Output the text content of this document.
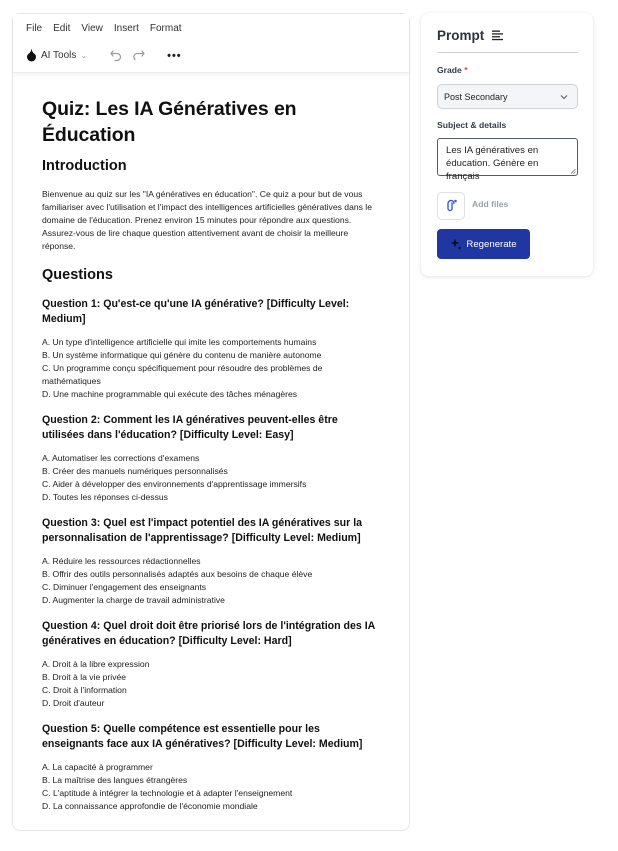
File Edit View Insert Format
AI Tools ⌄	•••
Quiz: Les IA Génératives en Éducation
Introduction

Bienvenue au quiz sur les "IA génératives en éducation". Ce quiz a pour but de vous familiariser avec l'utilisation et l'impact des intelligences artificielles génératives dans le domaine de l'éducation. Prenez environ 15 minutes pour répondre aux questions. Assurez-vous de lire chaque question attentivement avant de choisir la meilleure réponse.

Questions
Question 1: Qu'est-ce qu'une IA générative? [Difficulty Level: Medium]
A. Un type d'intelligence artificielle qui imite les comportements humains
B. Un système informatique qui génère du contenu de manière autonome
C. Un programme conçu spécifiquement pour résoudre des problèmes de mathématiques
D. Une machine programmable qui exécute des tâches ménagères
Question 2: Comment les IA génératives peuvent-elles être utilisées dans l'éducation? [Difficulty Level: Easy]
A. Automatiser les corrections d'examens
B. Créer des manuels numériques personnalisés
C. Aider à développer des environnements d'apprentissage immersifs
D. Toutes les réponses ci-dessus
Question 3: Quel est l'impact potentiel des IA génératives sur la personnalisation de l'apprentissage? [Difficulty Level: Medium]
A. Réduire les ressources rédactionnelles
B. Offrir des outils personnalisés adaptés aux besoins de chaque élève
C. Diminuer l'engagement des enseignants
D. Augmenter la charge de travail administrative
Question 4: Quel droit doit être priorisé lors de l'intégration des IA génératives en éducation? [Difficulty Level: Hard]
A. Droit à la libre expression
B. Droit à la vie privée
C. Droit à l'information
D. Droit d'auteur
Question 5: Quelle compétence est essentielle pour les enseignants face aux IA génératives? [Difficulty Level: Medium]
A. La capacité à programmer
B. La maîtrise des langues étrangères
C. L'aptitude à intégrer la technologie et à adapter l'enseignement
D. La connaissance approfondie de l'économie mondiale
Prompt
Grade *
Post Secondary
Subject & details
Les IA génératives en éducation. Génère en français
Add files
Regenerate
